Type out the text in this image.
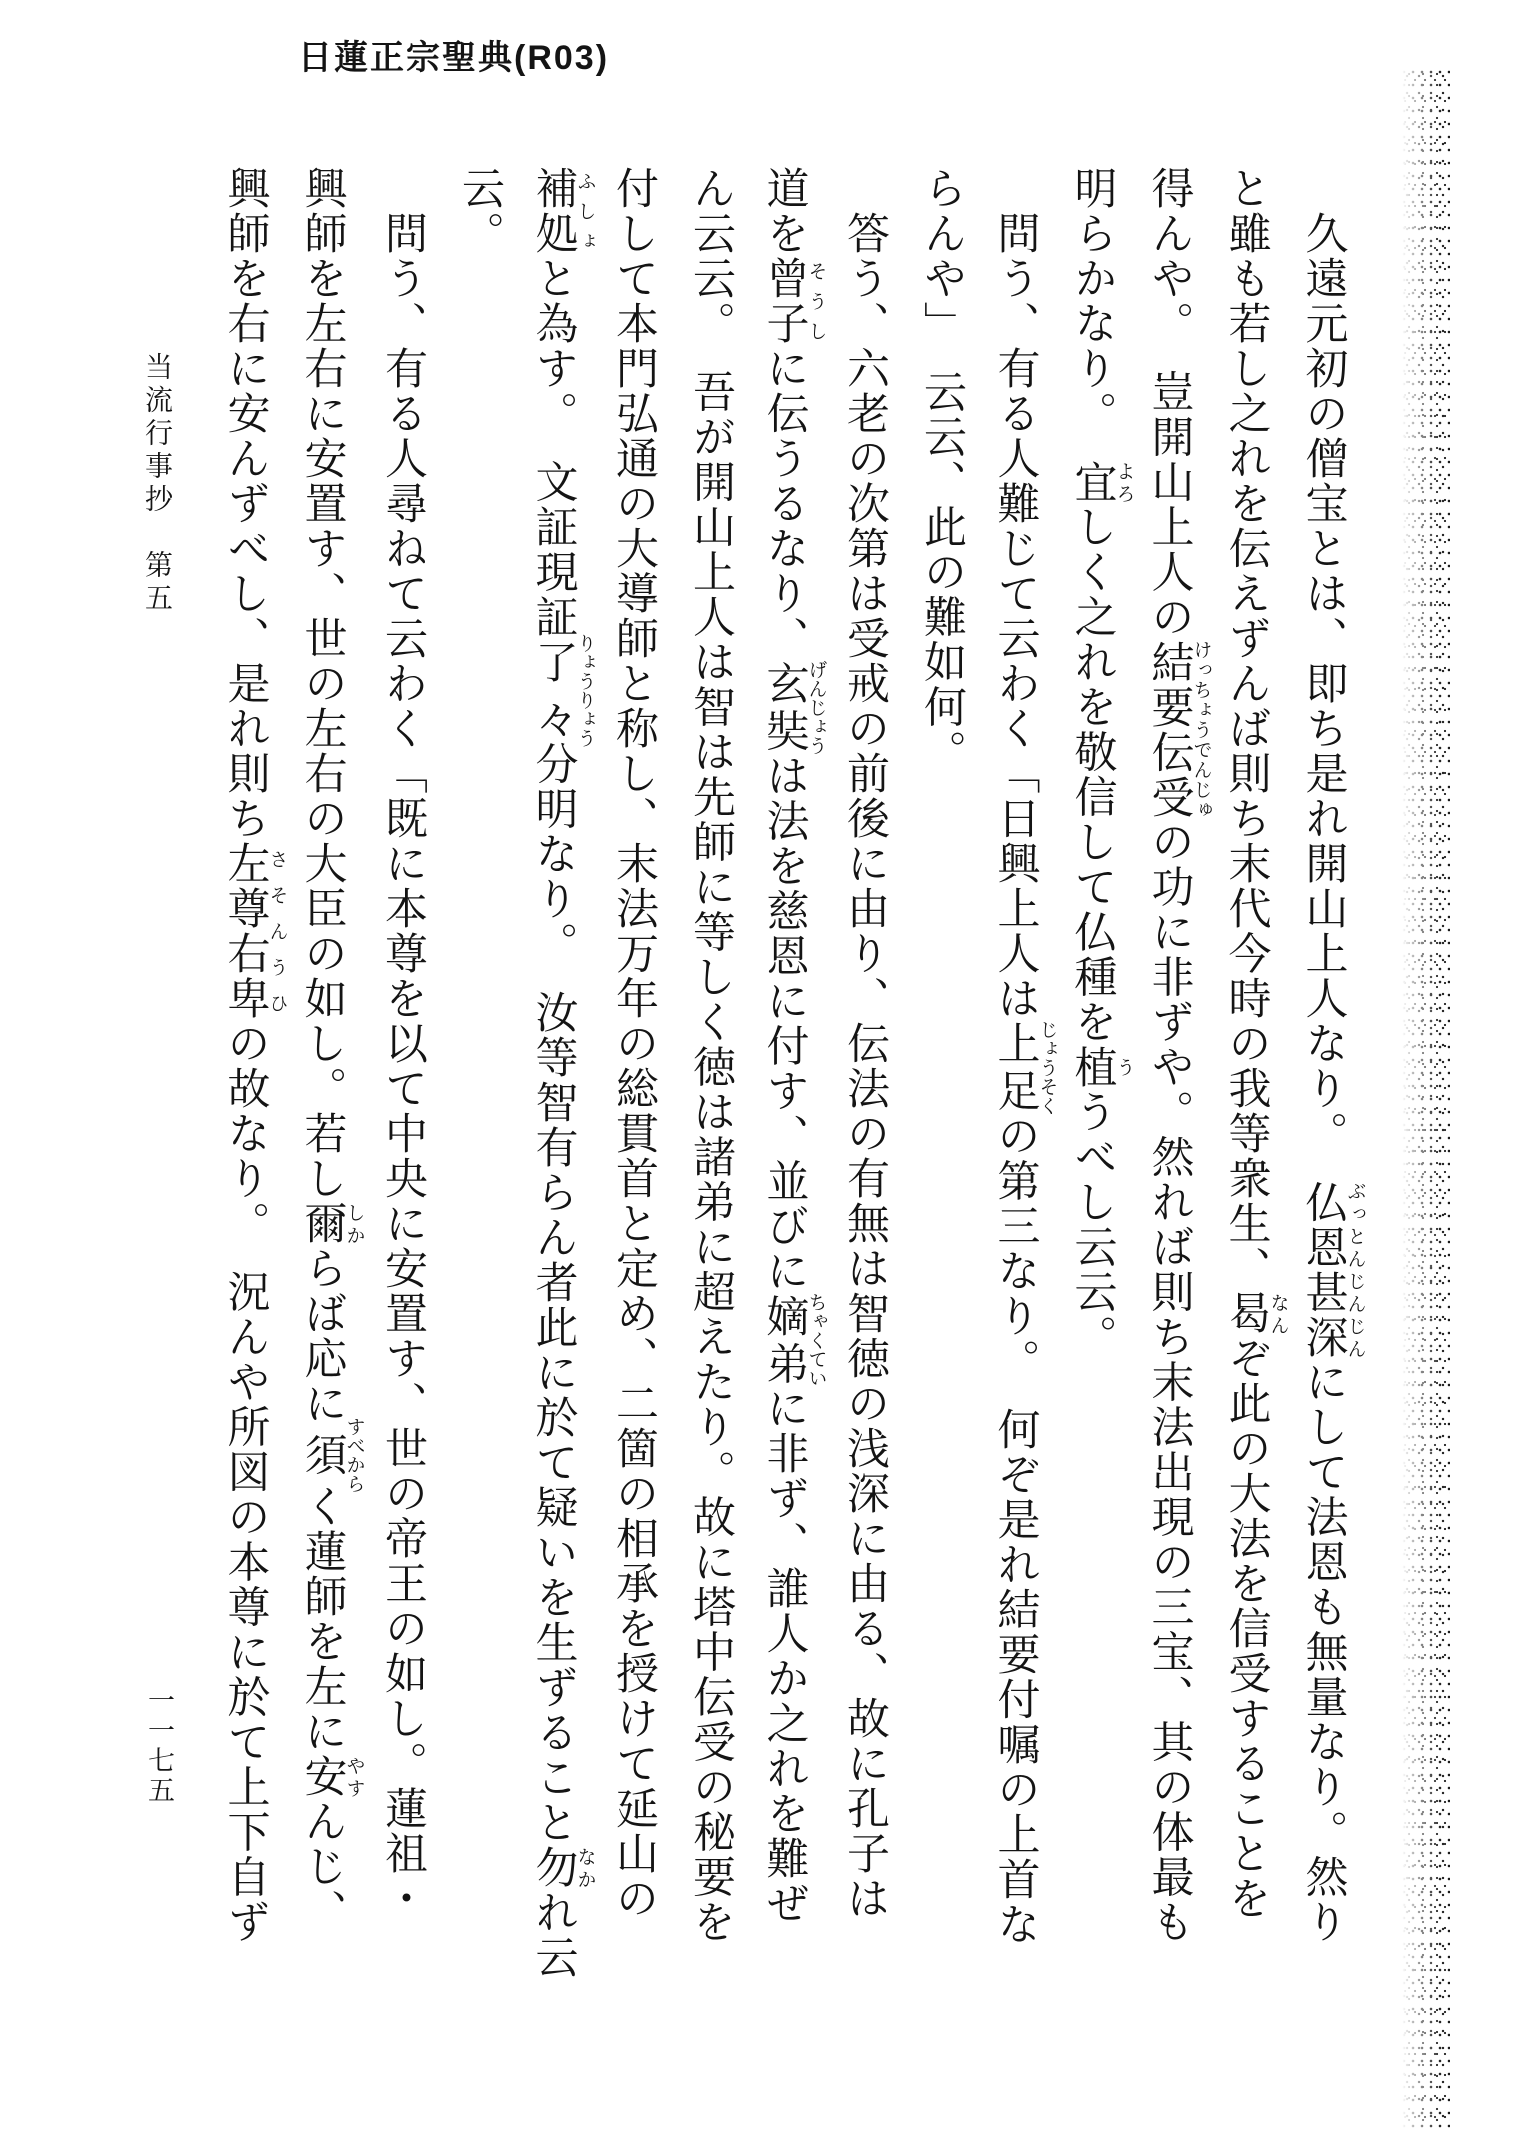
日蓮正宗聖典(R03)
当流行事抄　第五
　	久遠元初の僧宝とは、即ち是れ開山上人なり。　仏恩甚深ぶっとんじんじんにして法恩も無量なり。然り
と雖も若し之れを伝えずんば則ち末代今時の我等衆生、曷なんぞ此の大法を信受することを
得んや。　豈開山上人の結要伝受けっちょうでんじゅの功に非ずや。然れば則ち末法出現の三宝、其の体最も
明らかなり。　宜よろしく之れを敬信して仏種を植ううべし云云。
　問う、有る人難じて云わく「日興上人は上足じょうそくの第三なり。　何ぞ是れ結要付嘱の上首な
らんや」　云云、此の難如何。
　答う、六老の次第は受戒の前後に由り、伝法の有無は智徳の浅深に由る、故に孔子は
道を曾子そうしに伝うるなり、玄奘げんじょうは法を慈恩に付す、並びに嫡弟ちゃくていに非ず、誰人か之れを難ぜ
ん云云。　吾が開山上人は智は先師に等しく徳は諸弟に超えたり。故に塔中伝受の秘要を
付して本門弘通の大導師と称し、末法万年の総貫首と定め、二箇の相承を授けて延山の
補処ふしょと為す。　文証現証了々りょうりょう分明なり。　汝等智有らん者此に於て疑いを生ずること勿なかれ云
云。
　問う、有る人尋ねて云わく「既に本尊を以て中央に安置す、世の帝王の如し。蓮祖・
興師を左右に安置す、世の左右の大臣の如し。若し爾しからば応に須すべからく蓮師を左に安やすんじ、
興師を右に安んずべし、是れ則ち左尊右卑さそんうひの故なり。　況んや所図の本尊に於て上下自ず
一一七五
